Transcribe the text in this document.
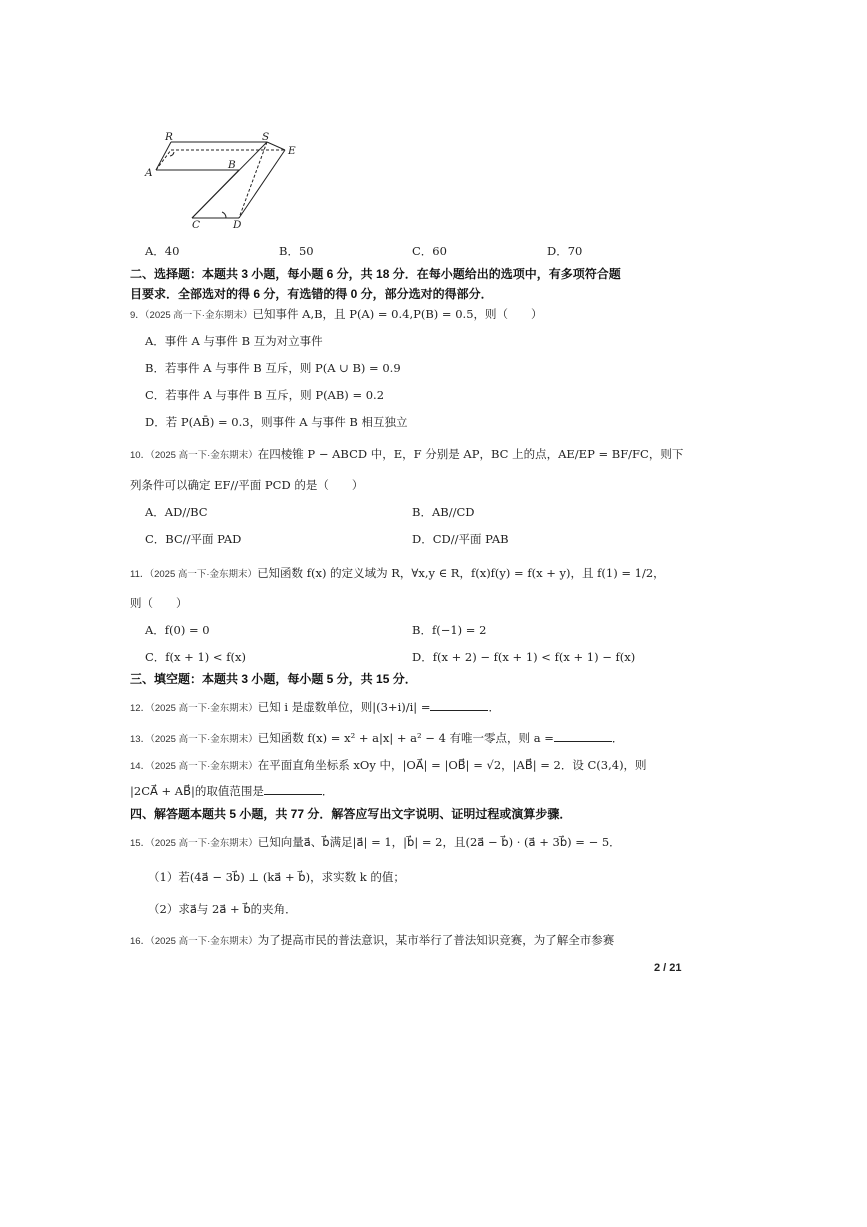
R	S
E
A
B
C	D
A．40	B．50	C．60	D．70
二、选择题：本题共 3 小题，每小题 6 分，共 18 分．在每小题给出的选项中，有多项符合题
目要求．全部选对的得 6 分，有选错的得 0 分，部分选对的得部分．
9．（2025 高一下·金东期末）已知事件 A,B，且 P(A) = 0.4,P(B) = 0.5，则（　　）
A．事件 A 与事件 B 互为对立事件
B．若事件 A 与事件 B 互斥，则 P(A ∪ B) = 0.9
C．若事件 A 与事件 B 互斥，则 P(AB) = 0.2
D．若 P(AB̄) = 0.3，则事件 A 与事件 B 相互独立
10．（2025 高一下·金东期末）在四棱锥 P − ABCD 中，E，F 分别是 AP，BC 上的点，AE/EP = BF/FC，则下
列条件可以确定 EF//平面 PCD 的是（　　）
A．AD//BC	B．AB//CD
C．BC//平面 PAD	D．CD//平面 PAB
11．（2025 高一下·金东期末）已知函数 f(x) 的定义域为 R，∀x,y ∈ R，f(x)f(y) = f(x + y)，且 f(1) = 1/2，
则（　　）
A．f(0) = 0	B．f(−1) = 2
C．f(x + 1) < f(x)	D．f(x + 2) − f(x + 1) < f(x + 1) − f(x)
三、填空题：本题共 3 小题，每小题 5 分，共 15 分．
12．（2025 高一下·金东期末）已知 i 是虚数单位，则|(3+i)/i| =	．
13．（2025 高一下·金东期末）已知函数 f(x) = x² + a|x| + a² − 4 有唯一零点，则 a =	．
14．（2025 高一下·金东期末）在平面直角坐标系 xOy 中，|OA⃗| = |OB⃗| = √2，|AB⃗| = 2．设 C(3,4)，则
|2CA⃗ + AB⃗|的取值范围是	．
四、解答题本题共 5 小题，共 77 分．解答应写出文字说明、证明过程或演算步骤．
15．（2025 高一下·金东期末）已知向量a⃗、b⃗满足|a⃗| = 1，|b⃗| = 2，且(2a⃗ − b⃗) · (a⃗ + 3b⃗) = − 5．
（1）若(4a⃗ − 3b⃗) ⊥ (ka⃗ + b⃗)，求实数 k 的值；
（2）求a⃗与 2a⃗ + b⃗的夹角．
16．（2025 高一下·金东期末）为了提高市民的普法意识，某市举行了普法知识竞赛，为了解全市参赛
2 / 21
